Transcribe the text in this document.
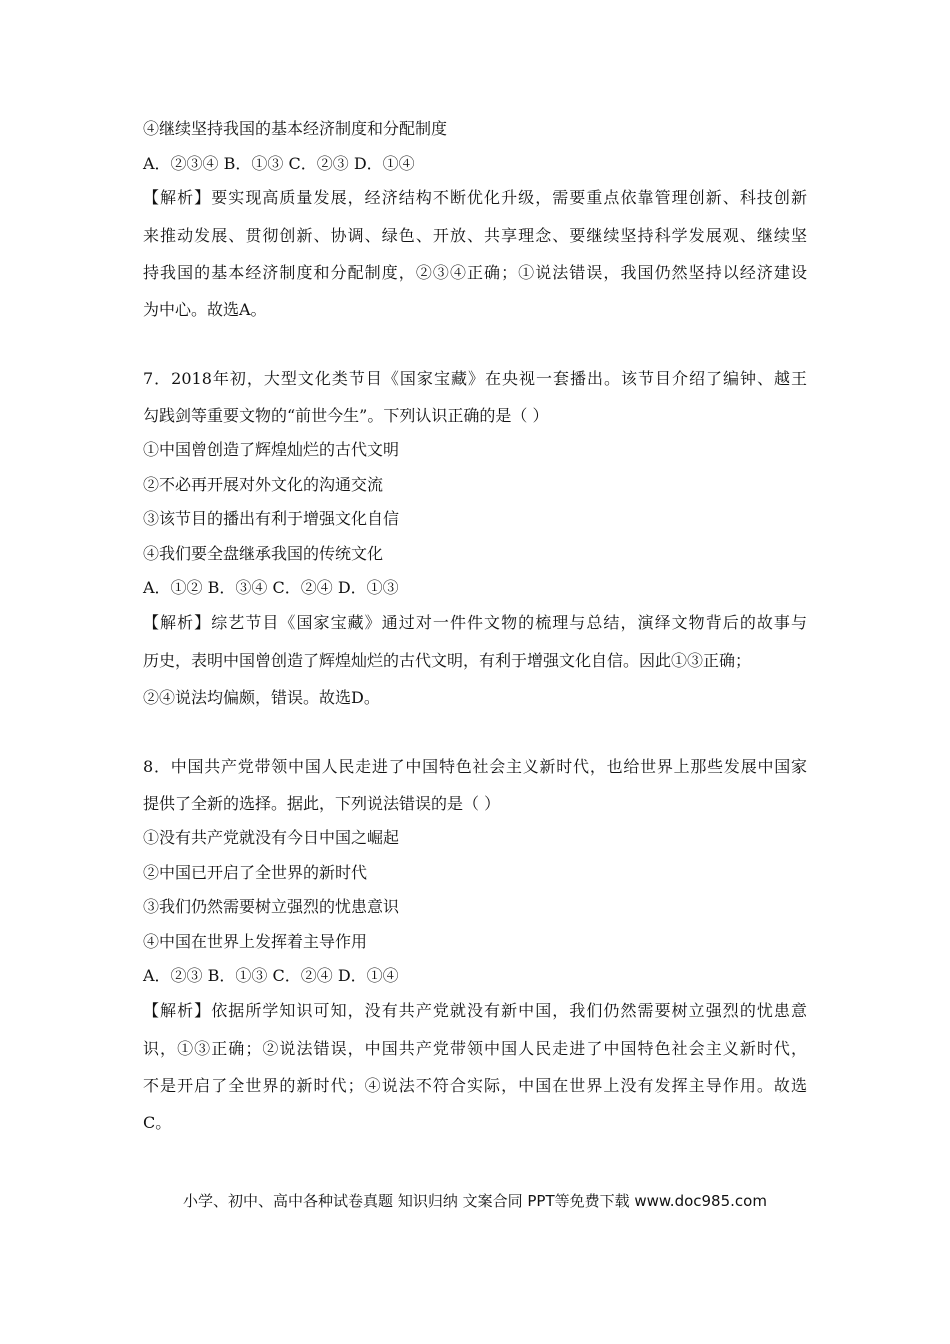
④继续坚持我国的基本经济制度和分配制度

A．②③④ B．①③ C．②③ D．①④

【解析】要实现高质量发展，经济结构不断优化升级，需要重点依靠管理创新、科技创新

来推动发展、贯彻创新、协调、绿色、开放、共享理念、要继续坚持科学发展观、继续坚

持我国的基本经济制度和分配制度，②③④正确；①说法错误，我国仍然坚持以经济建设

为中心。故选A。

7．2018年初，大型文化类节目《国家宝藏》在央视一套播出。该节目介绍了编钟、越王

勾践剑等重要文物的“前世今生”。下列认识正确的是（ ）

①中国曾创造了辉煌灿烂的古代文明

②不必再开展对外文化的沟通交流

③该节目的播出有利于增强文化自信

④我们要全盘继承我国的传统文化

A．①② B．③④ C．②④ D．①③

【解析】综艺节目《国家宝藏》通过对一件件文物的梳理与总结，演绎文物背后的故事与

历史，表明中国曾创造了辉煌灿烂的古代文明，有利于增强文化自信。因此①③正确；

②④说法均偏颇，错误。故选D。

8．中国共产党带领中国人民走进了中国特色社会主义新时代，也给世界上那些发展中国家

提供了全新的选择。据此，下列说法错误的是（ ）

①没有共产党就没有今日中国之崛起

②中国已开启了全世界的新时代

③我们仍然需要树立强烈的忧患意识

④中国在世界上发挥着主导作用

A．②③ B．①③ C．②④ D．①④

【解析】依据所学知识可知，没有共产党就没有新中国，我们仍然需要树立强烈的忧患意

识，①③正确；②说法错误，中国共产党带领中国人民走进了中国特色社会主义新时代，

不是开启了全世界的新时代；④说法不符合实际，中国在世界上没有发挥主导作用。故选

C。

小学、初中、高中各种试卷真题 知识归纳 文案合同 PPT等免费下载 www.doc985.com
